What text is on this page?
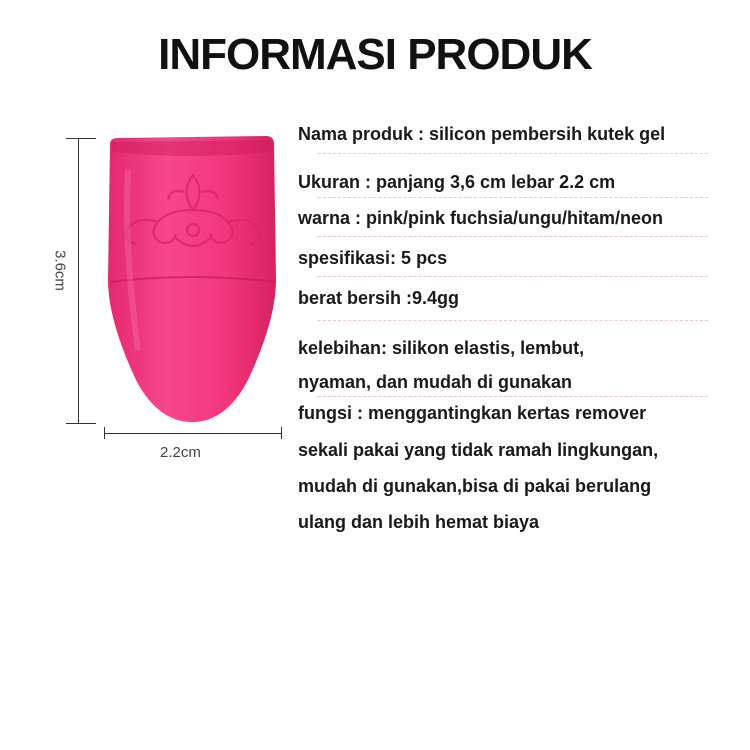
INFORMASI PRODUK
3.6cm
2.2cm
Nama produk : silicon pembersih kutek gel
Ukuran : panjang 3,6 cm lebar 2.2 cm
warna : pink/pink fuchsia/ungu/hitam/neon
spesifikasi: 5 pcs
berat bersih :9.4gg
kelebihan: silikon elastis, lembut,
nyaman, dan mudah di gunakan
fungsi : menggantingkan kertas remover
sekali pakai yang tidak ramah lingkungan,
mudah di gunakan,bisa di pakai berulang
ulang dan lebih hemat biaya
